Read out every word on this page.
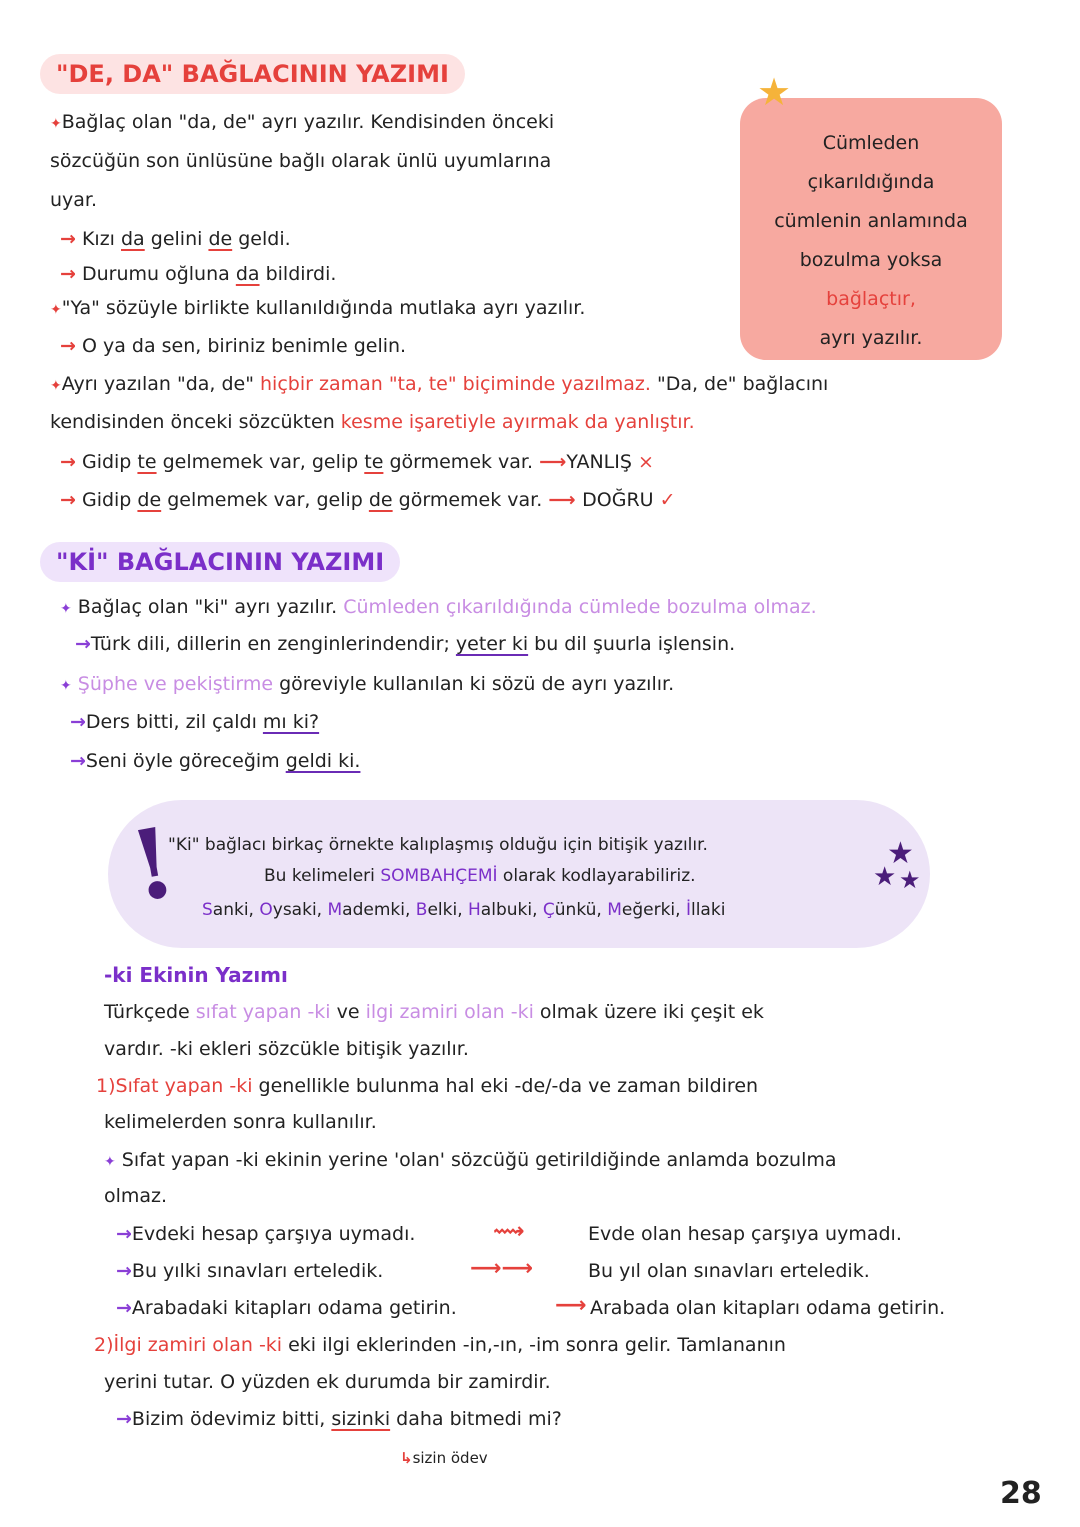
"DE, DA" BAĞLACININ YAZIMI
✦Bağlaç olan "da, de" ayrı yazılır. Kendisinden önceki
sözcüğün son ünlüsüne bağlı olarak ünlü uyumlarına
uyar.
→ Kızı da gelini de geldi.
→ Durumu oğluna da bildirdi.
✦"Ya" sözüyle birlikte kullanıldığında mutlaka ayrı yazılır.
→ O ya da sen, biriniz benimle gelin.
★
Cümleden
çıkarıldığında
cümlenin anlamında
bozulma yoksa
bağlaçtır,
ayrı yazılır.
✦Ayrı yazılan "da, de" hiçbir zaman "ta, te" biçiminde yazılmaz. "Da, de" bağlacını
kendisinden önceki sözcükten kesme işaretiyle ayırmak da yanlıştır.
→ Gidip te gelmemek var, gelip te görmemek var. ⟶YANLIŞ ×
→ Gidip de gelmemek var, gelip de görmemek var. ⟶ DOĞRU ✓
"Kİ" BAĞLACININ YAZIMI
✦ Bağlaç olan "ki" ayrı yazılır. Cümleden çıkarıldığında cümlede bozulma olmaz.
→Türk dili, dillerin en zenginlerindendir; yeter ki bu dil şuurla işlensin.
✦ Şüphe ve pekiştirme göreviyle kullanılan ki sözü de ayrı yazılır.
→Ders bitti, zil çaldı mı ki?
→Seni öyle göreceğim geldi ki.
!	★
★ ★
"Ki" bağlacı birkaç örnekte kalıplaşmış olduğu için bitişik yazılır.
Bu kelimeleri SOMBAHÇEMİ olarak kodlayarabiliriz.
Sanki, Oysaki, Mademki, Belki, Halbuki, Çünkü, Meğerki, İllaki
-ki Ekinin Yazımı
Türkçede sıfat yapan -ki ve ilgi zamiri olan -ki olmak üzere iki çeşit ek
vardır. -ki ekleri sözcükle bitişik yazılır.
1)Sıfat yapan -ki genellikle bulunma hal eki -de/-da ve zaman bildiren
kelimelerden sonra kullanılır.
✦ Sıfat yapan -ki ekinin yerine 'olan' sözcüğü getirildiğinde anlamda bozulma
olmaz.
→Evdeki hesap çarşıya uymadı.	⟿	Evde olan hesap çarşıya uymadı.
→Bu yılki sınavları erteledik.	⟶⟶	Bu yıl olan sınavları erteledik.
→Arabadaki kitapları odama getirin.	⟶ Arabada olan kitapları odama getirin.
2)İlgi zamiri olan -ki eki ilgi eklerinden -in,-ın, -im sonra gelir. Tamlananın
yerini tutar. O yüzden ek durumda bir zamirdir.
→Bizim ödevimiz bitti, sizinki daha bitmedi mi?
↳sizin ödev
28
